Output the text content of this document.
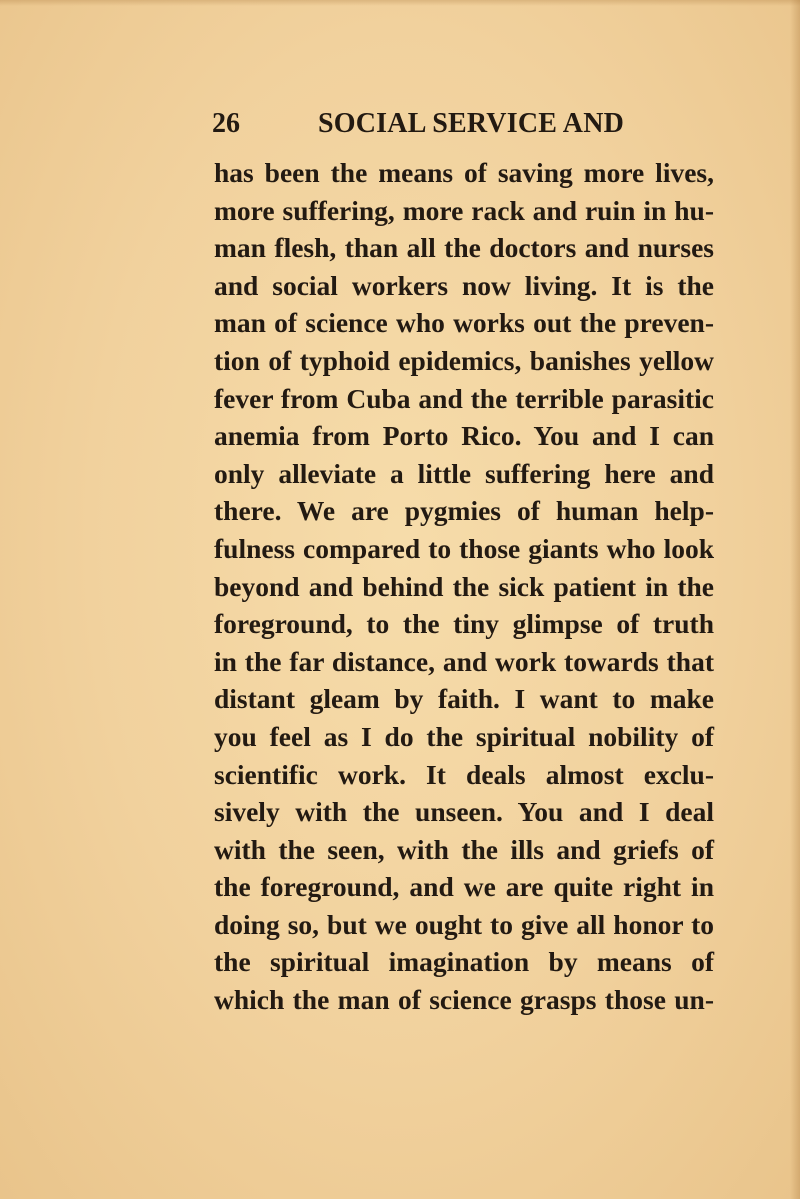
26	SOCIAL SERVICE AND
has been the means of saving more lives,
more suffering, more rack and ruin in hu-
man flesh, than all the doctors and nurses
and social workers now living. It is the
man of science who works out the preven-
tion of typhoid epidemics, banishes yellow
fever from Cuba and the terrible parasitic
anemia from Porto Rico. You and I can
only alleviate a little suffering here and
there. We are pygmies of human help-
fulness compared to those giants who look
beyond and behind the sick patient in the
foreground, to the tiny glimpse of truth
in the far distance, and work towards that
distant gleam by faith. I want to make
you feel as I do the spiritual nobility of
scientific work. It deals almost exclu-
sively with the unseen. You and I deal
with the seen, with the ills and griefs of
the foreground, and we are quite right in
doing so, but we ought to give all honor to
the spiritual imagination by means of
which the man of science grasps those un-
